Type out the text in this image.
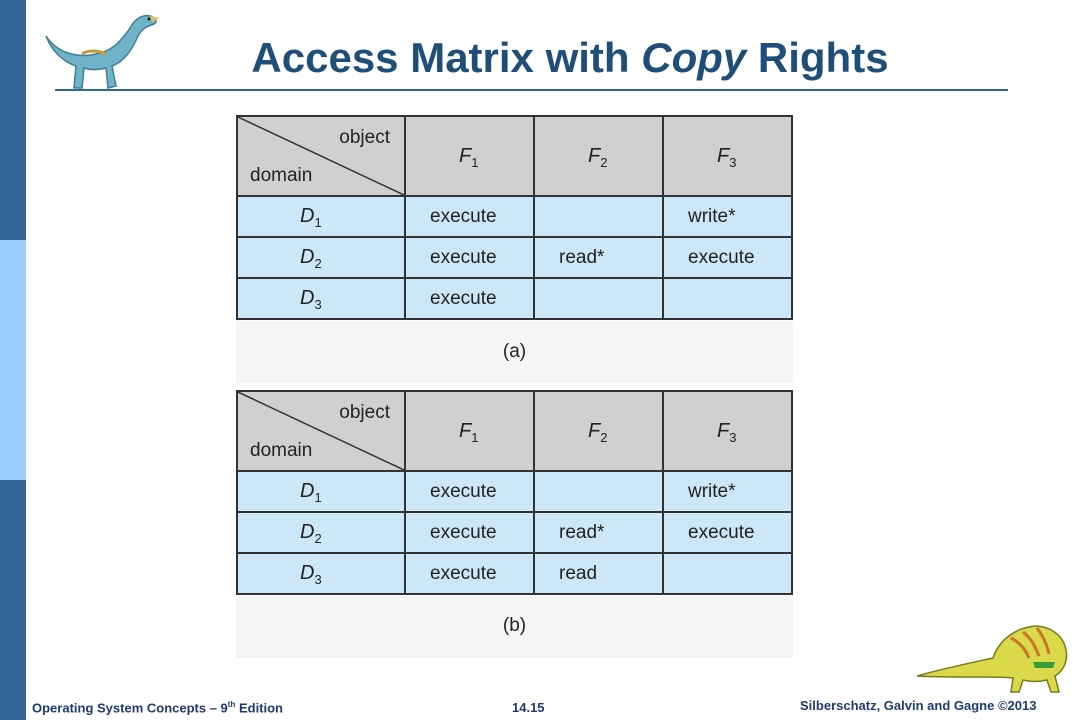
Access Matrix with Copy Rights
object
domain	$F_1$	$F_2$	$F_3$

$D_1$	execute		write*

$D_2$	execute	read*	execute

$D_3$	execute		

(a)
object
domain	$F_1$	$F_2$	$F_3$

$D_1$	execute		write*

$D_2$	execute	read*	execute

$D_3$	execute	read	

(b)
Operating System Concepts – 9th Edition	14.15	Silberschatz, Galvin and Gagne ©2013
